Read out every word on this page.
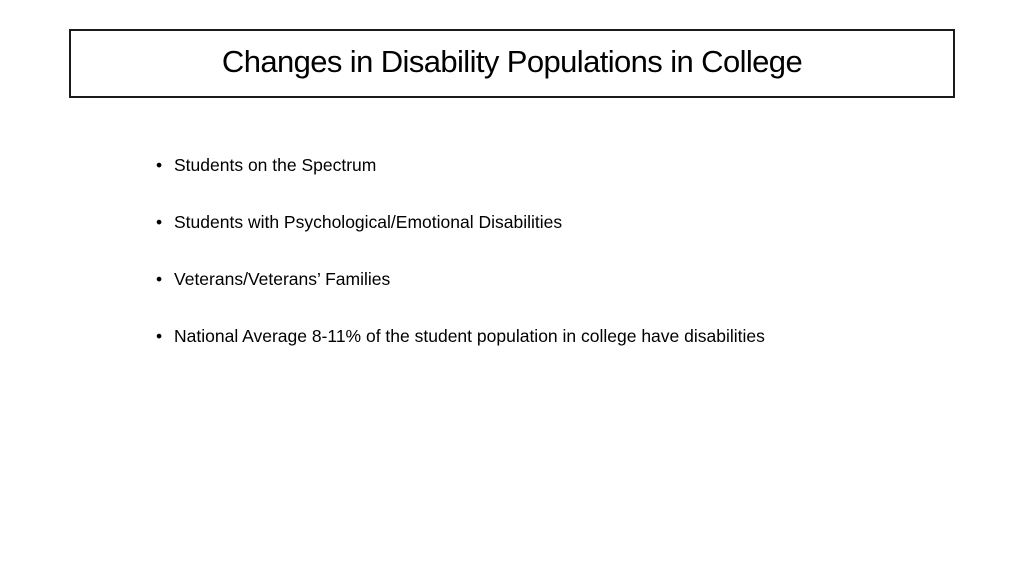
Changes in Disability Populations in College
• Students on the Spectrum
• Students with Psychological/Emotional Disabilities
• Veterans/Veterans’ Families
• National Average 8-11% of the student population in college have disabilities
